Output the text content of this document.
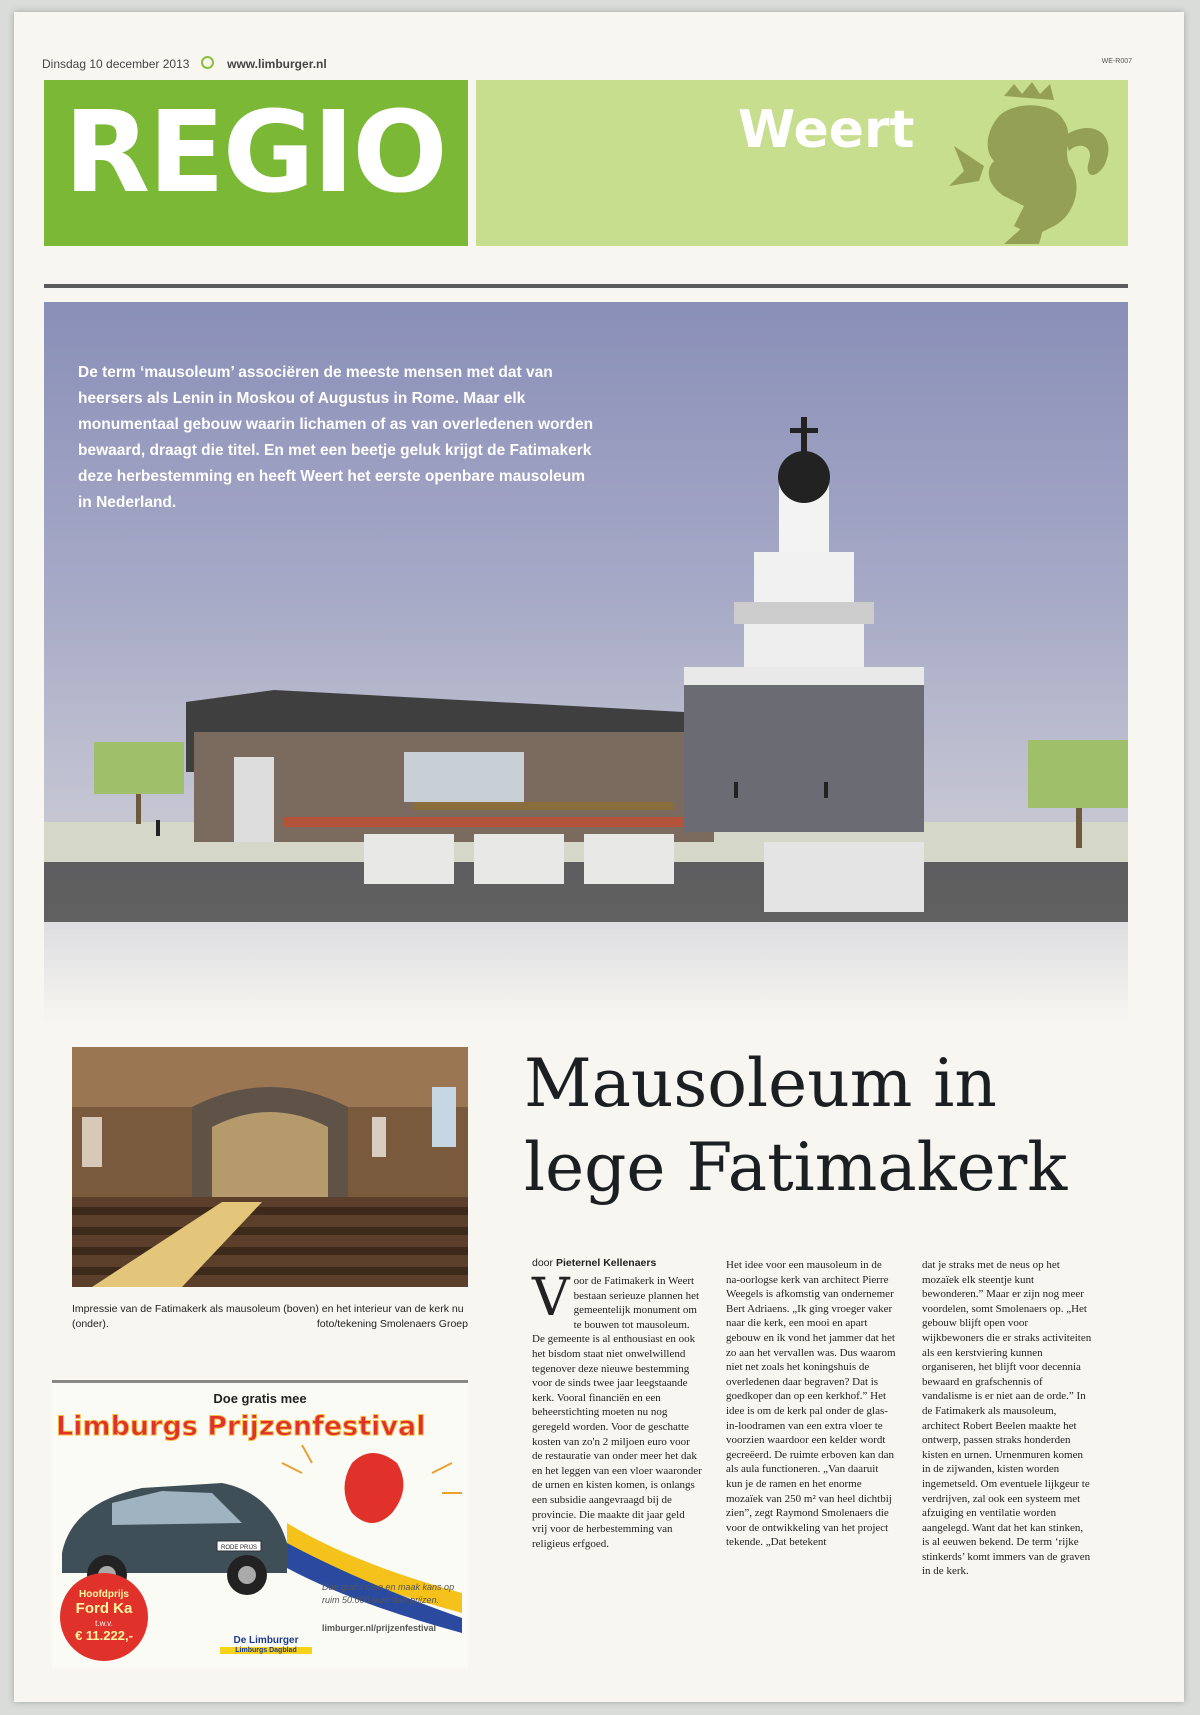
Dinsdag 10 december 2013	www.limburger.nl	WE-R007
REGIO	Weert
De term ‘mausoleum’ associëren de meeste mensen met dat van heersers als Lenin in Moskou of Augustus in Rome. Maar elk monumentaal gebouw waarin lichamen of as van overledenen worden bewaard, draagt die titel. En met een beetje geluk krijgt de Fatimakerk deze herbestemming en heeft Weert het eerste openbare mausoleum in Nederland.
Impressie van de Fatimakerk als mausoleum (boven) en het interieur van de kerk nu (onder).	foto/tekening Smolenaers Groep
Mausoleum in lege Fatimakerk
door Pieternel Kellenaers
V oor de Fatimakerk in Weert bestaan serieuze plannen het gemeentelijk monument om te bouwen tot mausoleum. De gemeente is al enthousiast en ook het bisdom staat niet onwelwillend tegenover deze nieuwe bestemming voor de sinds twee jaar leegstaande kerk. Vooral financiën en een beheerstichting moeten nu nog geregeld worden. Voor de geschatte kosten van zo'n 2 miljoen euro voor de restauratie van onder meer het dak en het leggen van een vloer waaronder de urnen en kisten komen, is onlangs een subsidie aangevraagd bij de provincie. Die maakte dit jaar geld vrij voor de herbestemming van religieus erfgoed.
Het idee voor een mausoleum in de na-oorlogse kerk van architect Pierre Weegels is afkomstig van ondernemer Bert Adriaens. „Ik ging vroeger vaker naar die kerk, een mooi en apart gebouw en ik vond het jammer dat het zo aan het vervallen was. Dus waarom niet net zoals het koningshuis de overledenen daar begraven? Dat is goedkoper dan op een kerkhof.” Het idee is om de kerk pal onder de glas-in-loodramen van een extra vloer te voorzien waardoor een kelder wordt gecreëerd. De ruimte erboven kan dan als aula functioneren. „Van daaruit kun je de ramen en het enorme mozaïek van 250 m² van heel dichtbij zien”, zegt Raymond Smolenaers die voor de ontwikkeling van het project tekende. „Dat betekent
dat je straks met de neus op het mozaïek elk steentje kunt bewonderen.” Maar er zijn nog meer voordelen, somt Smolenaers op. „Het gebouw blijft open voor wijkbewoners die er straks activiteiten als een kerstviering kunnen organiseren, het blijft voor decennia bewaard en grafschennis of vandalisme is er niet aan de orde.” In de Fatimakerk als mausoleum, architect Robert Beelen maakte het ontwerp, passen straks honderden kisten en urnen. Urnenmuren komen in de zijwanden, kisten worden ingemetseld. Om eventuele lijkgeur te verdrijven, zal ook een systeem met afzuiging en ventilatie worden aangelegd. Want dat het kan stinken, is al eeuwen bekend. De term ‘rijke stinkerds’ komt immers van de graven in de kerk.
Doe gratis mee
Limburgs Prijzenfestival
RODE PRIJS
Hoofdprijs
Ford Ka
t.w.v.
€ 11.222,-
Doe gratis mee en maak kans op ruim 50.000 euro aan prijzen.
limburger.nl/prijzenfestival
De Limburger
Limburgs Dagblad
